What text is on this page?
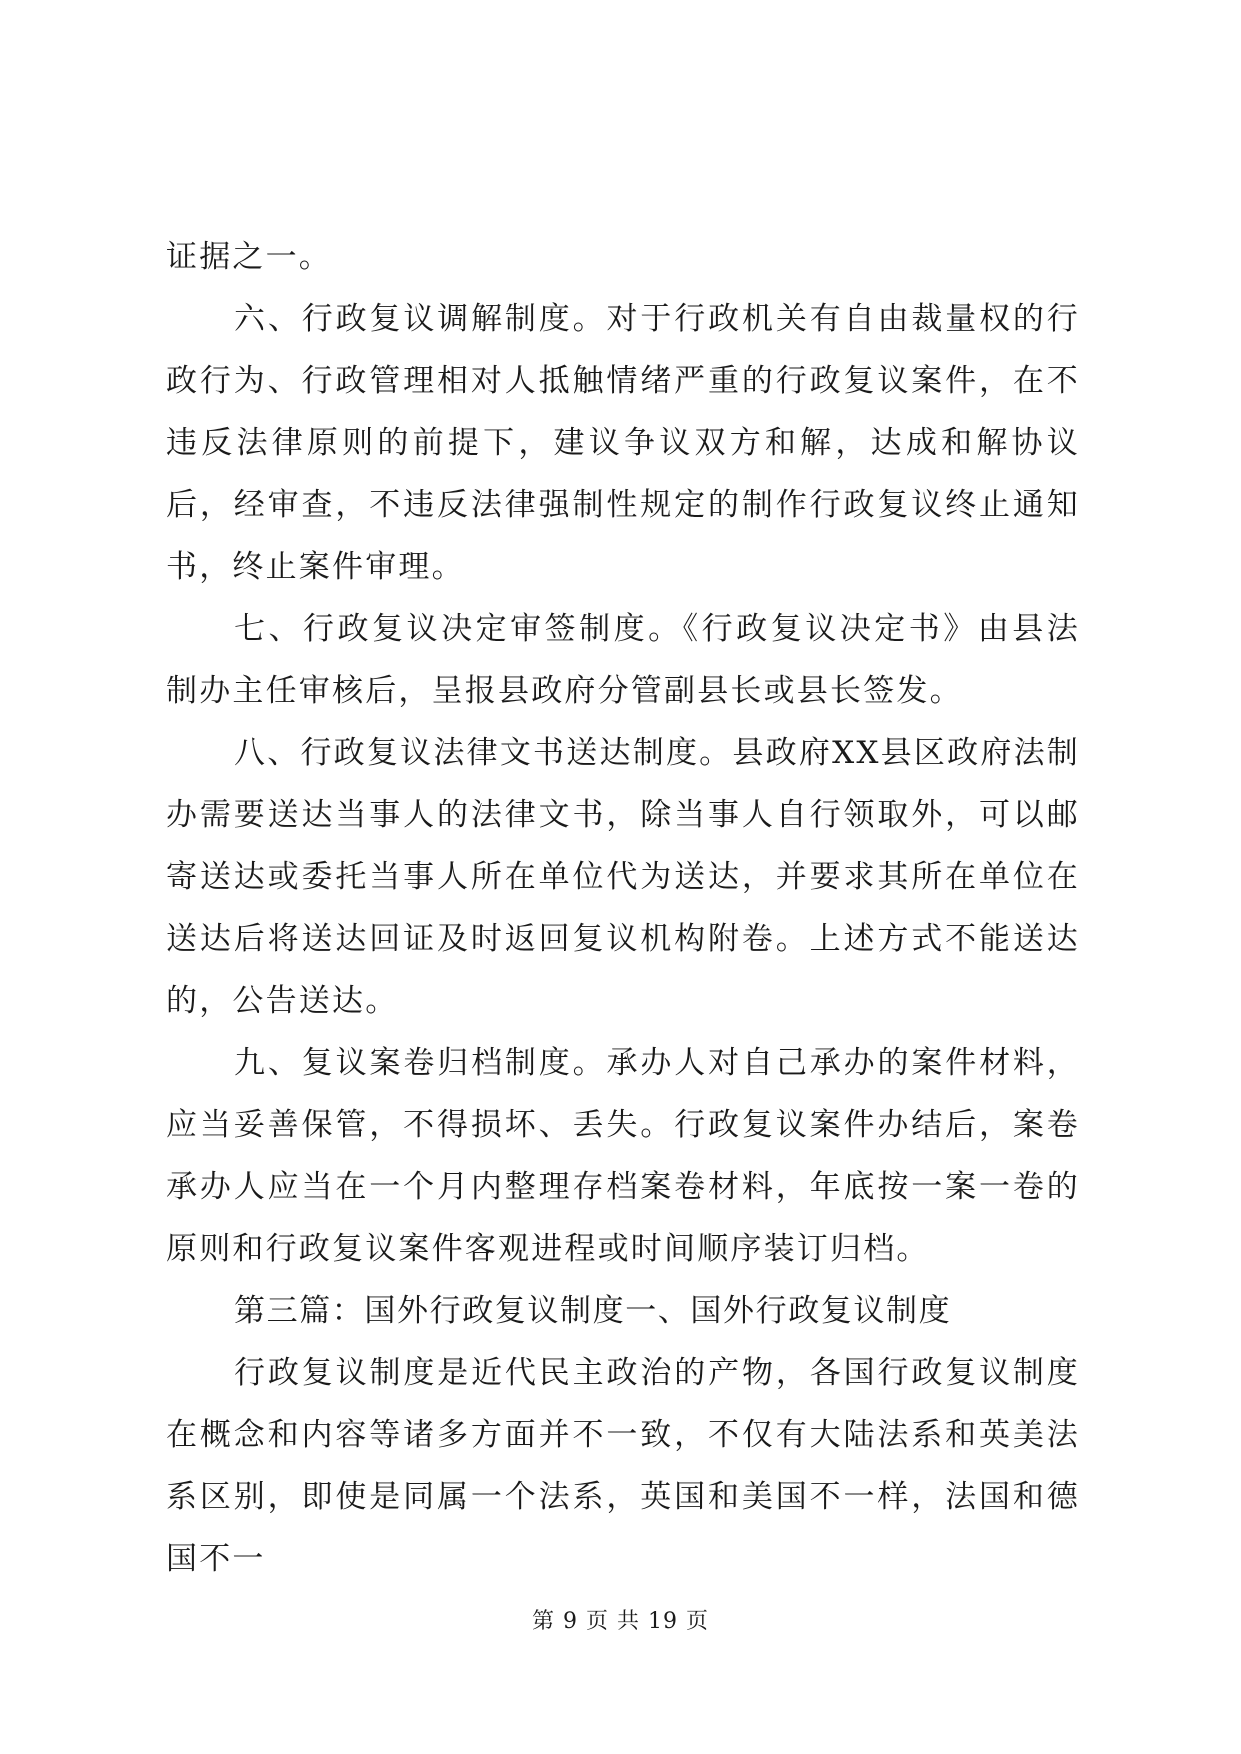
证据之一。

六、行政复议调解制度。对于行政机关有自由裁量权的行政行为、行政管理相对人抵触情绪严重的行政复议案件，在不违反法律原则的前提下，建议争议双方和解，达成和解协议后，经审查，不违反法律强制性规定的制作行政复议终止通知书，终止案件审理。

七、行政复议决定审签制度。《行政复议决定书》由县法制办主任审核后，呈报县政府分管副县长或县长签发。

八、行政复议法律文书送达制度。县政府XX县区政府法制办需要送达当事人的法律文书，除当事人自行领取外，可以邮寄送达或委托当事人所在单位代为送达，并要求其所在单位在送达后将送达回证及时返回复议机构附卷。上述方式不能送达的，公告送达。

九、复议案卷归档制度。承办人对自己承办的案件材料，应当妥善保管，不得损坏、丢失。行政复议案件办结后，案卷承办人应当在一个月内整理存档案卷材料，年底按一案一卷的原则和行政复议案件客观进程或时间顺序装订归档。

第三篇：国外行政复议制度一、国外行政复议制度

行政复议制度是近代民主政治的产物，各国行政复议制度在概念和内容等诸多方面并不一致，不仅有大陆法系和英美法系区别，即使是同属一个法系，英国和美国不一样，法国和德国不一

第 9 页 共 19 页
